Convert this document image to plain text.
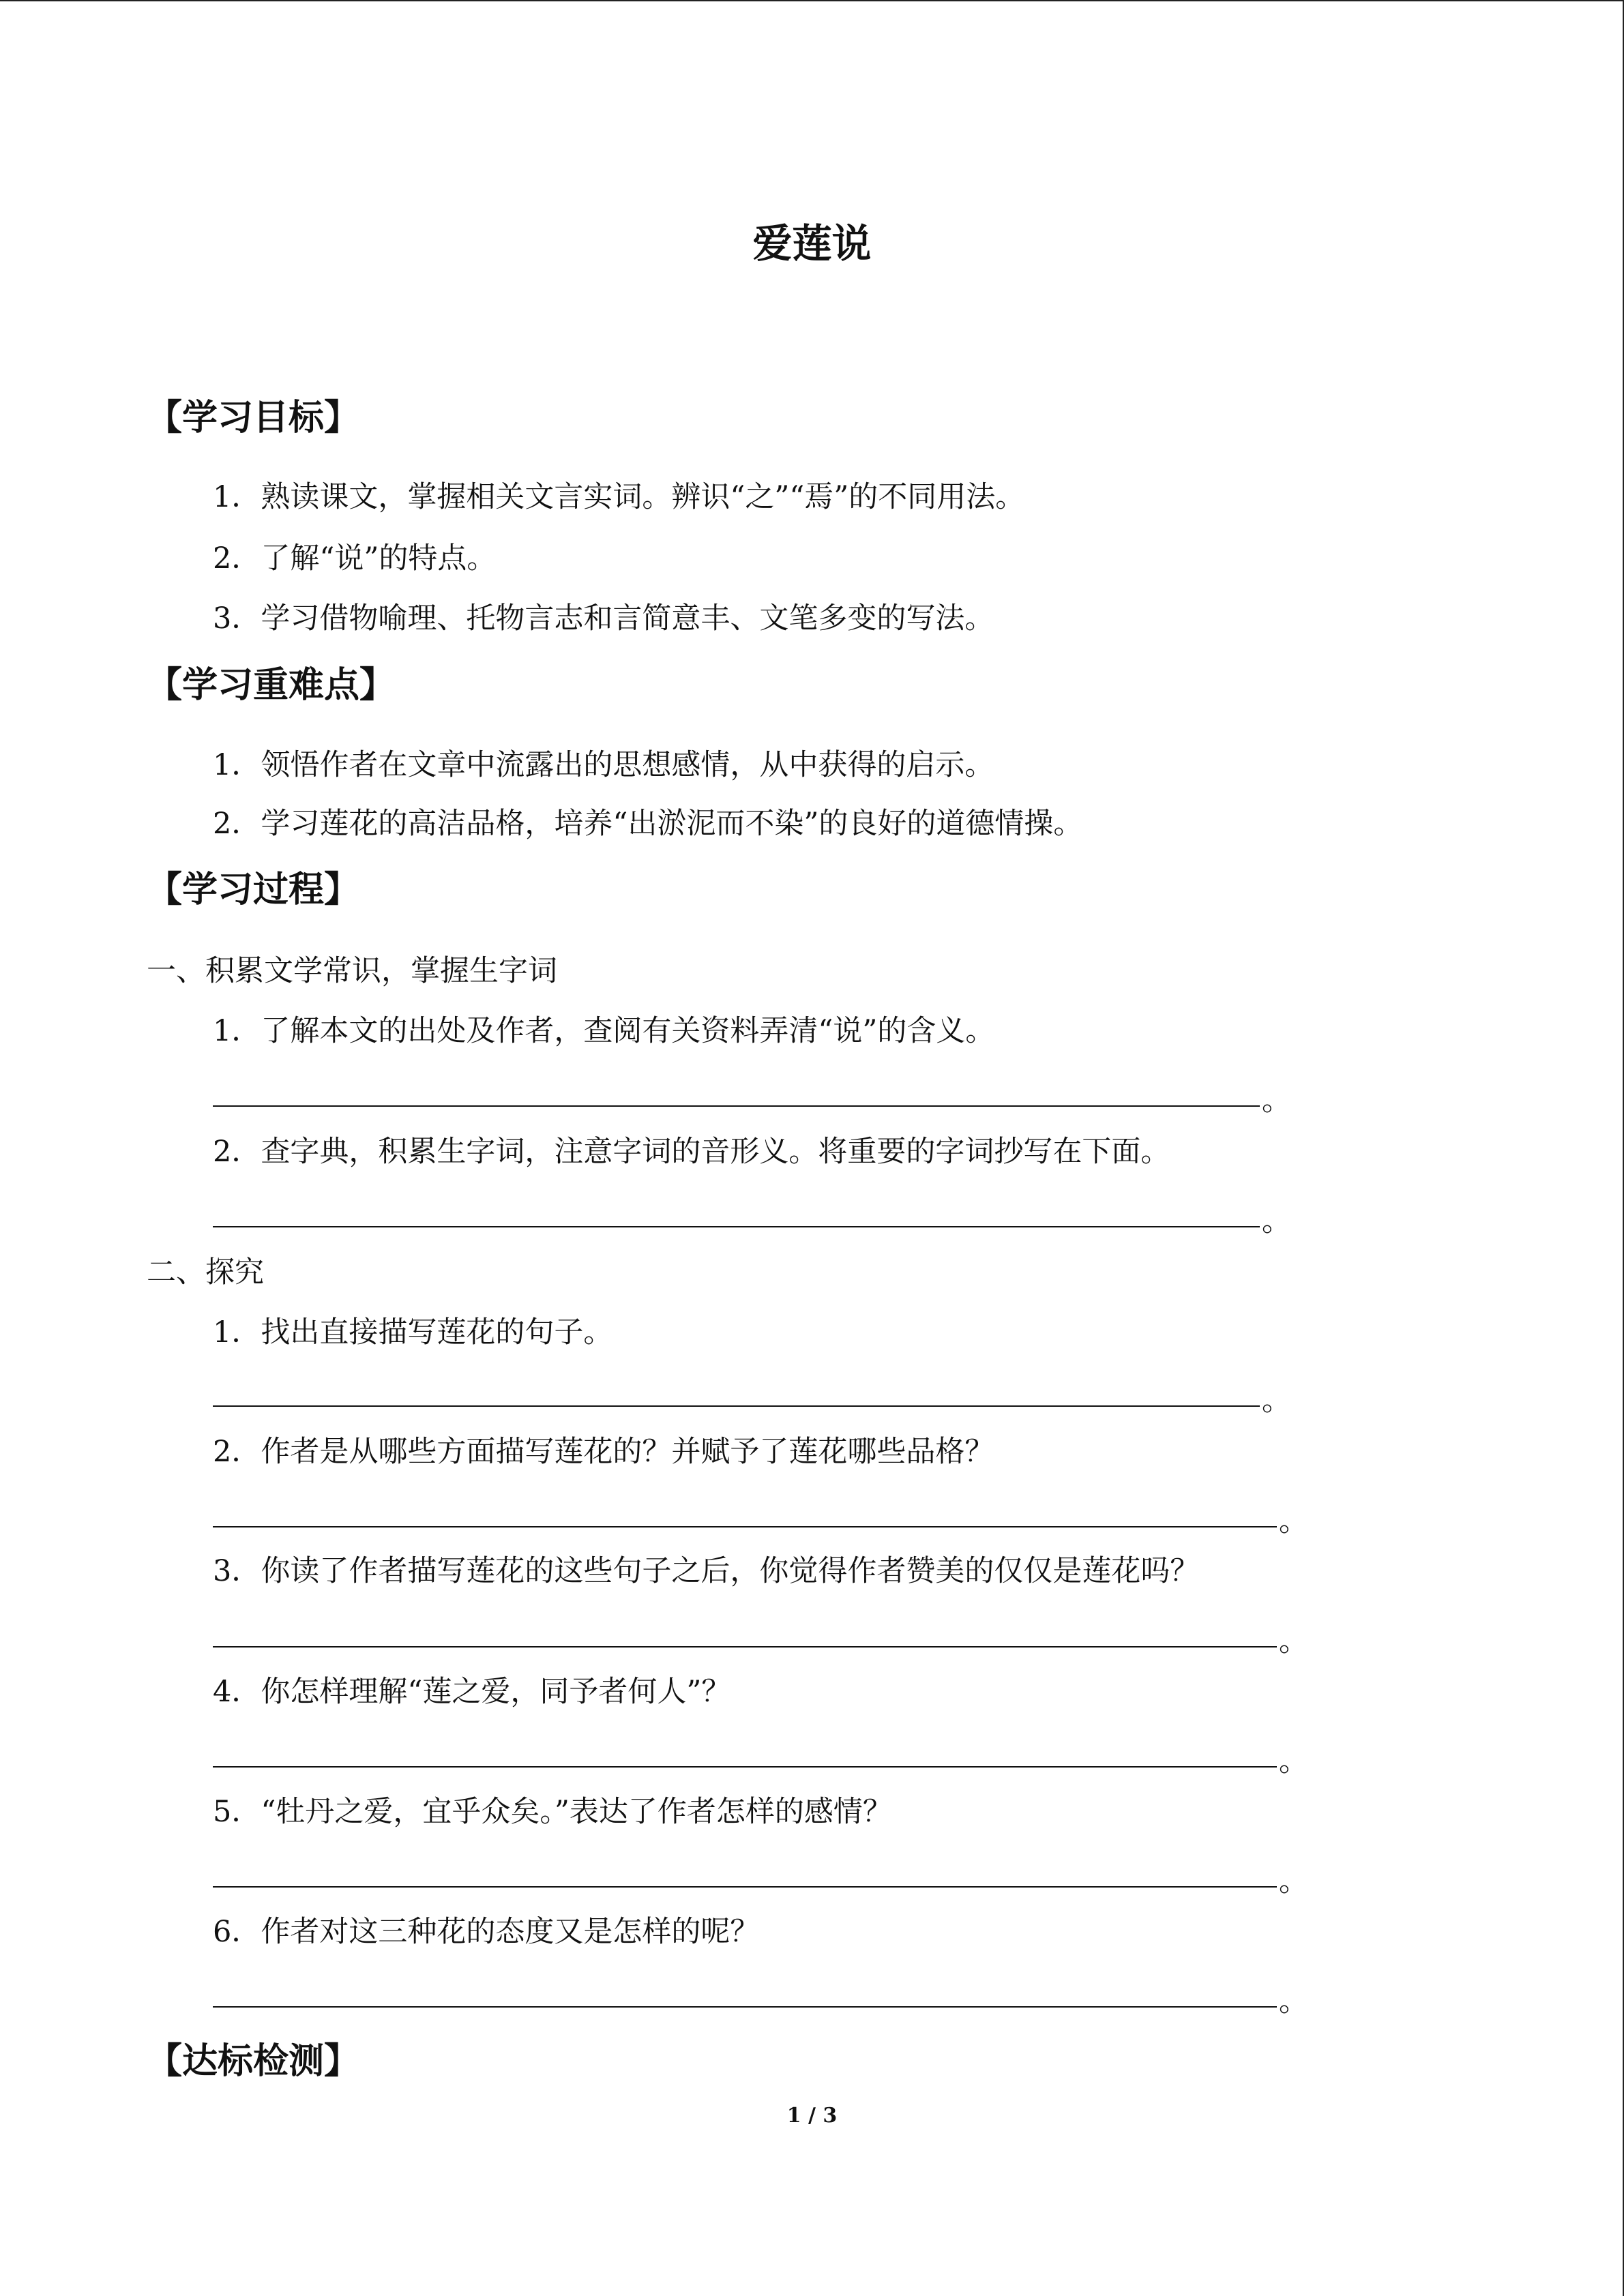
爱莲说
【学习目标】
1．熟读课文，掌握相关文言实词。辨识“之”“焉”的不同用法。
2．了解“说”的特点。
3．学习借物喻理、托物言志和言简意丰、文笔多变的写法。
【学习重难点】
1．领悟作者在文章中流露出的思想感情，从中获得的启示。
2．学习莲花的高洁品格，培养“出淤泥而不染”的良好的道德情操。
【学习过程】
一、积累文学常识，掌握生字词
1．了解本文的出处及作者，查阅有关资料弄清“说”的含义。
。
2．查字典，积累生字词，注意字词的音形义。将重要的字词抄写在下面。
。
二、探究
1．找出直接描写莲花的句子。
。
2．作者是从哪些方面描写莲花的？并赋予了莲花哪些品格？
。
3．你读了作者描写莲花的这些句子之后，你觉得作者赞美的仅仅是莲花吗？
。
4．你怎样理解“莲之爱，同予者何人”？
。
5．“牡丹之爱，宜乎众矣。”表达了作者怎样的感情？
。
6．作者对这三种花的态度又是怎样的呢？
。
【达标检测】
1 / 3
